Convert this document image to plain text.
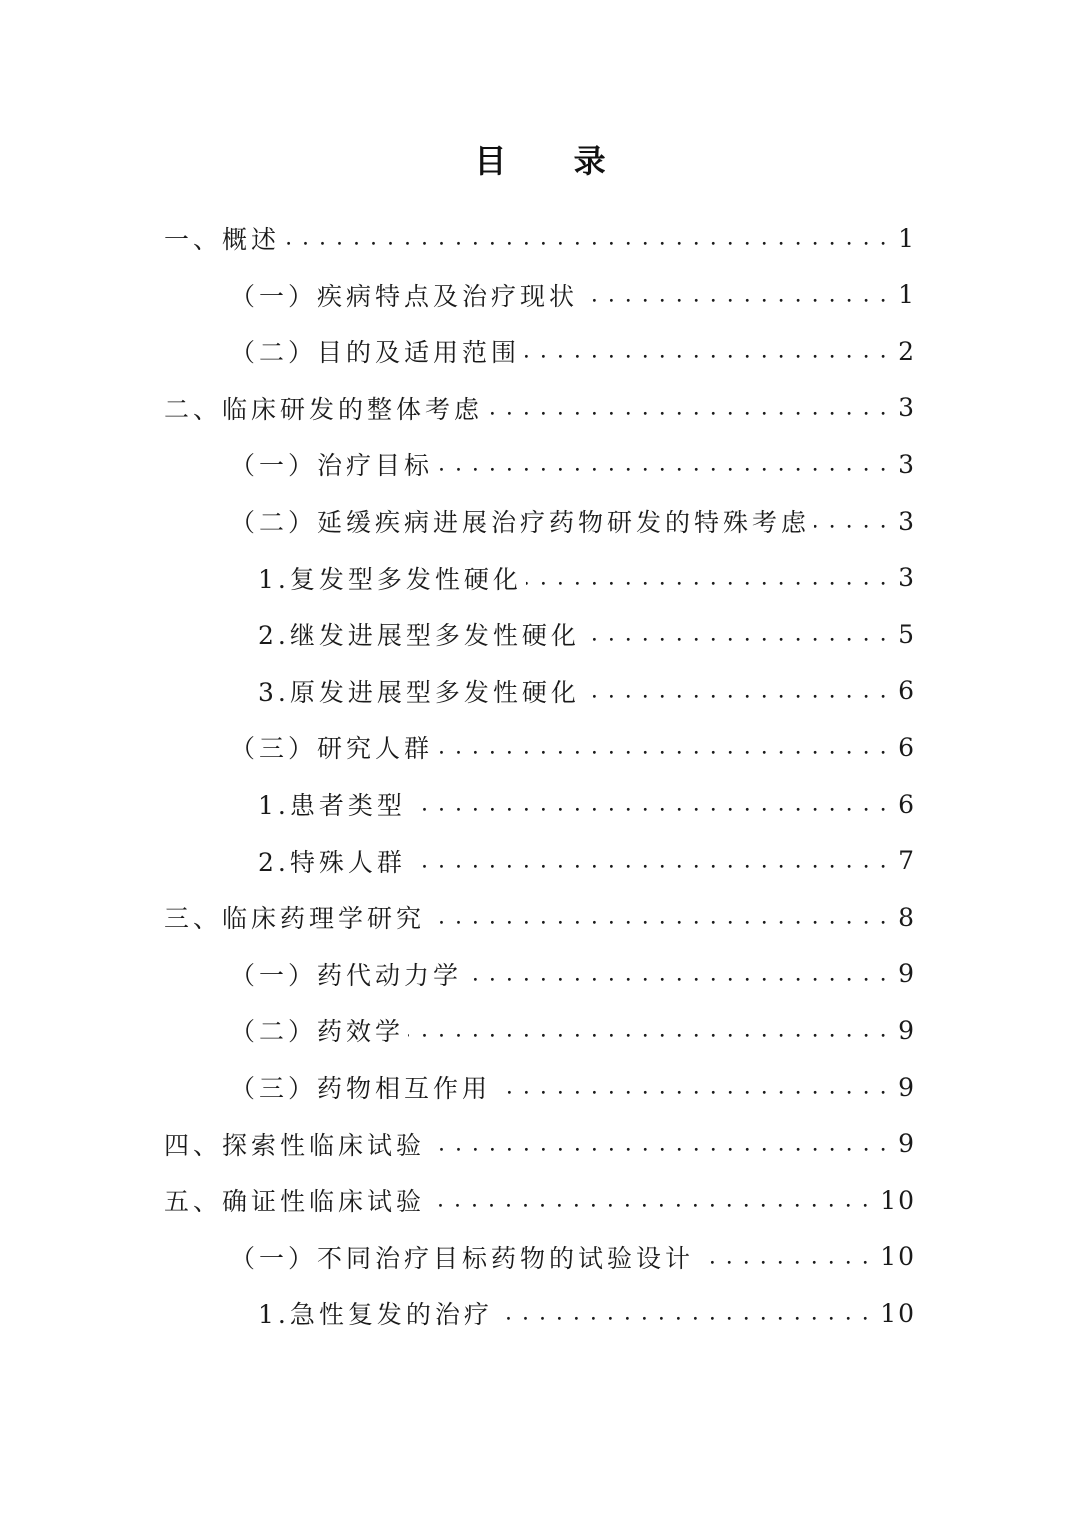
目 录
一、概述 . . .	1
（一）疾病特点及治疗现状 . . .	1
（二）目的及适用范围 . . .	2
二、临床研发的整体考虑 . . .	3
（一）治疗目标 . . .	3
（二）延缓疾病进展治疗药物研发的特殊考虑 . . .	3
1.复发型多发性硬化 . . .	3
2.继发进展型多发性硬化 . . .	5
3.原发进展型多发性硬化 . . .	6
（三）研究人群 . . .	6
1.患者类型 . . .	6
2.特殊人群 . . .	7
三、临床药理学研究 . . .	8
（一）药代动力学 . . .	9
（二）药效学 . . .	9
（三）药物相互作用 . . .	9
四、探索性临床试验 . . .	9
五、确证性临床试验 . . .	10
（一）不同治疗目标药物的试验设计 . . .	10
1.急性复发的治疗 . . .	10
